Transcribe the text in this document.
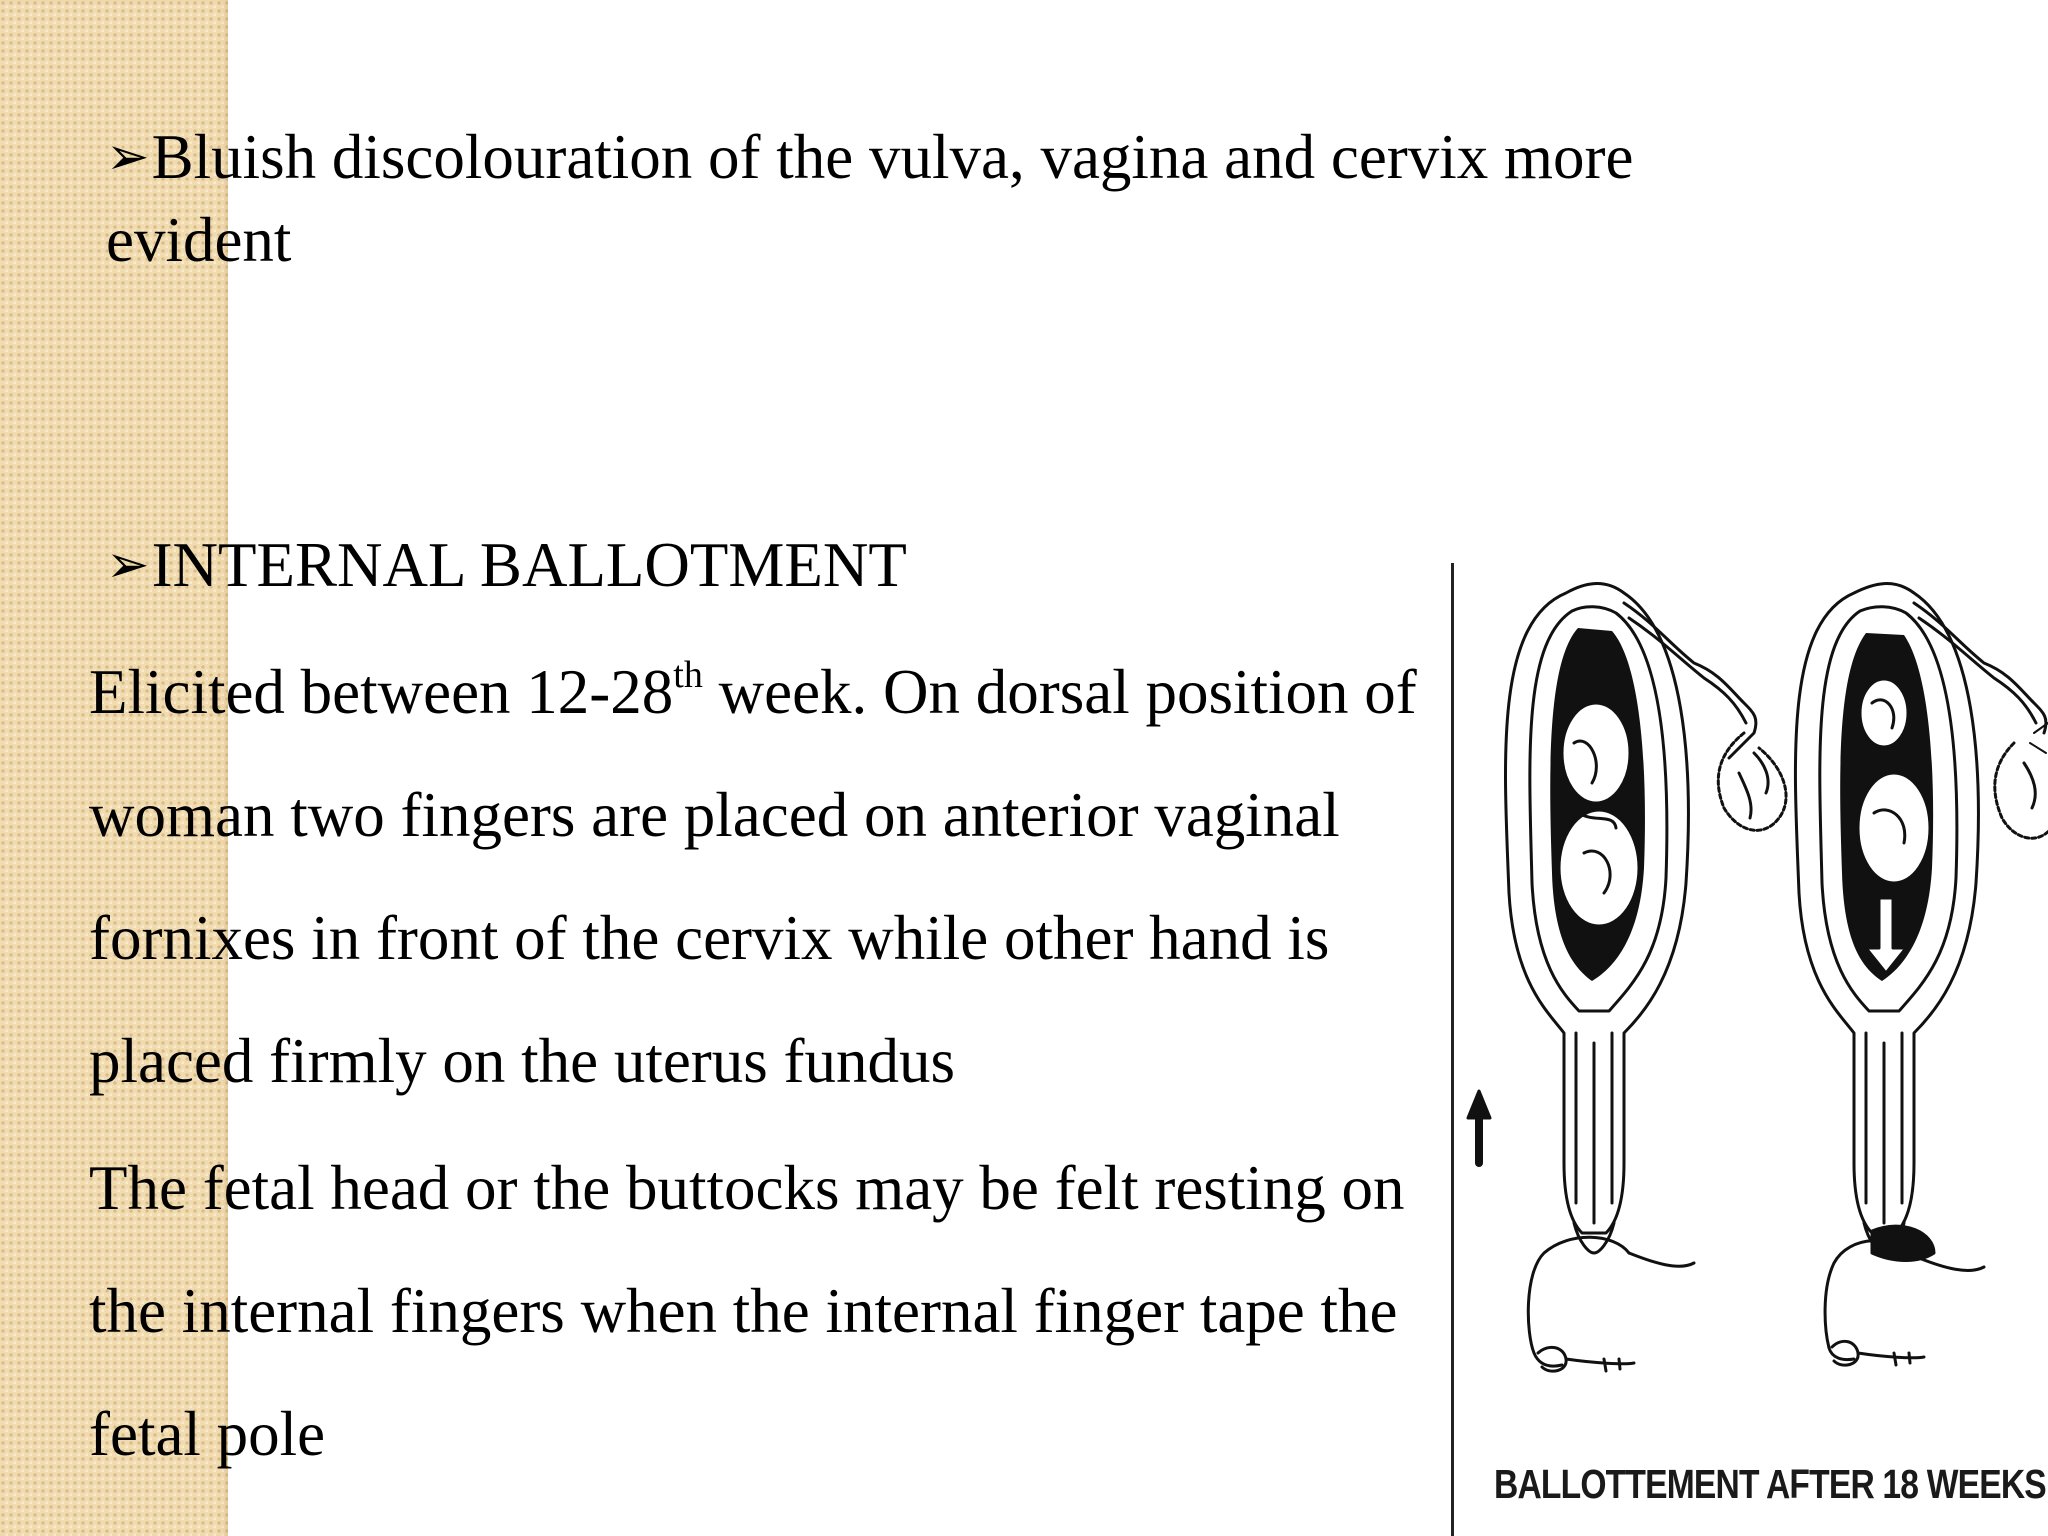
➢Bluish discolouration of the vulva, vagina and cervix more evident
➢INTERNAL BALLOTMENT
Elicited between 12-28th week. On dorsal position of woman two fingers are placed on anterior vaginal fornixes in front of the cervix while other hand is placed firmly on the uterus fundus
The fetal head or the buttocks may be felt resting on the internal fingers when the internal finger tape the fetal pole
BALLOTTEMENT AFTER 18 WEEKS
